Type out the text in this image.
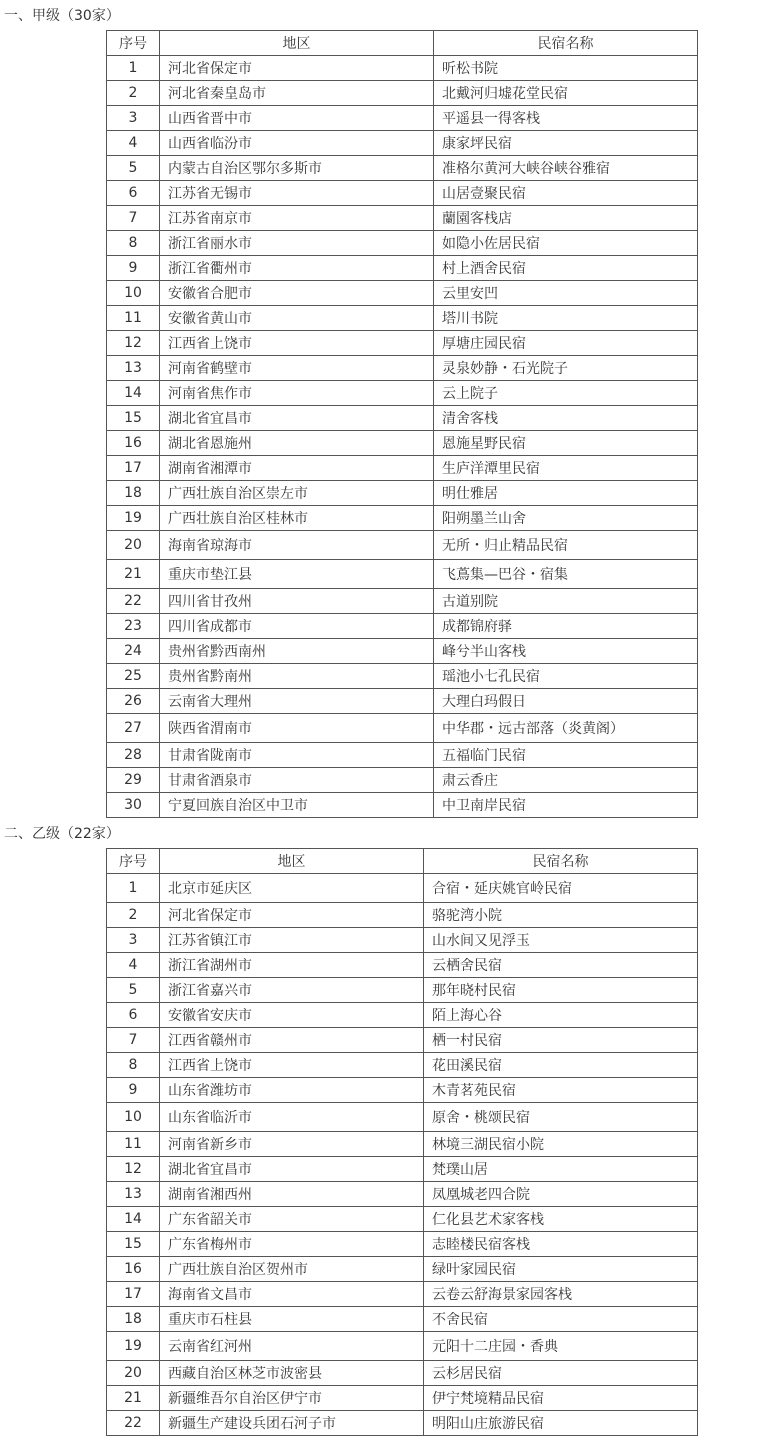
一、甲级（30家）
序号	地区	民宿名称
1	河北省保定市	听松书院
2	河北省秦皇岛市	北戴河归墟花堂民宿
3	山西省晋中市	平遥县一得客栈
4	山西省临汾市	康家坪民宿
5	内蒙古自治区鄂尔多斯市	准格尔黄河大峡谷峡谷雅宿
6	江苏省无锡市	山居壹聚民宿
7	江苏省南京市	蘭園客栈店
8	浙江省丽水市	如隐小佐居民宿
9	浙江省衢州市	村上酒舍民宿
10	安徽省合肥市	云里安凹
11	安徽省黄山市	塔川书院
12	江西省上饶市	厚塘庄园民宿
13	河南省鹤壁市	灵泉妙静・石光院子
14	河南省焦作市	云上院子
15	湖北省宜昌市	清舍客栈
16	湖北省恩施州	恩施星野民宿
17	湖南省湘潭市	生庐洋潭里民宿
18	广西壮族自治区崇左市	明仕雅居
19	广西壮族自治区桂林市	阳朔墨兰山舍
20	海南省琼海市	无所・归止精品民宿
21	重庆市垫江县	飞蔦集—巴谷・宿集
22	四川省甘孜州	古道别院
23	四川省成都市	成都锦府驿
24	贵州省黔西南州	峰兮半山客栈
25	贵州省黔南州	瑶池小七孔民宿
26	云南省大理州	大理白玛假日
27	陕西省渭南市	中华郡・远古部落（炎黄阁）
28	甘肃省陇南市	五福临门民宿
29	甘肃省酒泉市	肃云香庄
30	宁夏回族自治区中卫市	中卫南岸民宿
二、乙级（22家）
序号	地区	民宿名称
1	北京市延庆区	合宿・延庆姚官岭民宿
2	河北省保定市	骆驼湾小院
3	江苏省镇江市	山水间又见浮玉
4	浙江省湖州市	云栖舍民宿
5	浙江省嘉兴市	那年晓村民宿
6	安徽省安庆市	陌上海心谷
7	江西省赣州市	栖一村民宿
8	江西省上饶市	花田溪民宿
9	山东省潍坊市	木青茗苑民宿
10	山东省临沂市	原舍・桃颂民宿
11	河南省新乡市	林境三湖民宿小院
12	湖北省宜昌市	梵璞山居
13	湖南省湘西州	凤凰城老四合院
14	广东省韶关市	仁化县艺术家客栈
15	广东省梅州市	志睦楼民宿客栈
16	广西壮族自治区贺州市	绿叶家园民宿
17	海南省文昌市	云卷云舒海景家园客栈
18	重庆市石柱县	不舍民宿
19	云南省红河州	元阳十二庄园・香典
20	西藏自治区林芝市波密县	云杉居民宿
21	新疆维吾尔自治区伊宁市	伊宁梵境精品民宿
22	新疆生产建设兵团石河子市	明阳山庄旅游民宿
